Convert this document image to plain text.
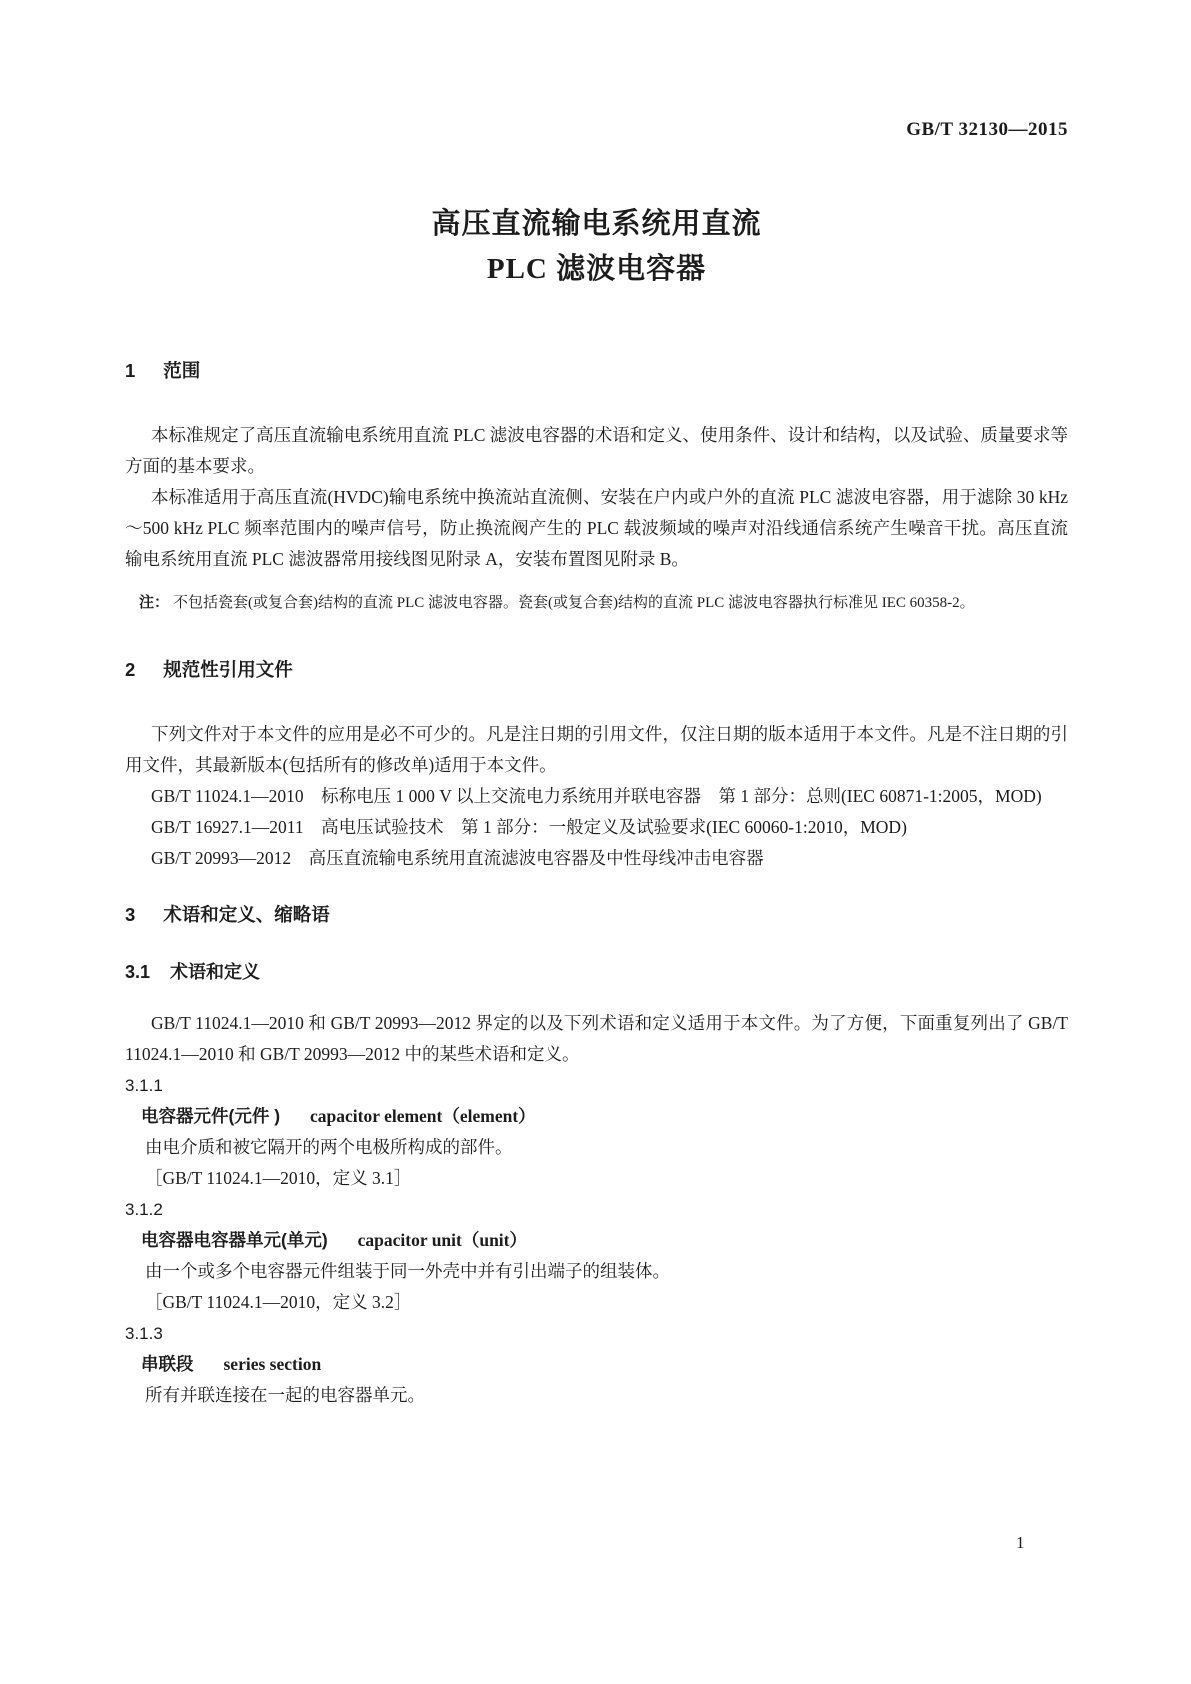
GB/T 32130—2015
高压直流输电系统用直流
PLC 滤波电容器
1 范围

本标准规定了高压直流输电系统用直流 PLC 滤波电容器的术语和定义、使用条件、设计和结构，以及试验、质量要求等方面的基本要求。

本标准适用于高压直流(HVDC)输电系统中换流站直流侧、安装在户内或户外的直流 PLC 滤波电容器，用于滤除 30 kHz～500 kHz PLC 频率范围内的噪声信号，防止换流阀产生的 PLC 载波频域的噪声对沿线通信系统产生噪音干扰。高压直流输电系统用直流 PLC 滤波器常用接线图见附录 A，安装布置图见附录 B。

注： 不包括瓷套(或复合套)结构的直流 PLC 滤波电容器。瓷套(或复合套)结构的直流 PLC 滤波电容器执行标准见 IEC 60358-2。

2 规范性引用文件

下列文件对于本文件的应用是必不可少的。凡是注日期的引用文件，仅注日期的版本适用于本文件。凡是不注日期的引用文件，其最新版本(包括所有的修改单)适用于本文件。

GB/T 11024.1—2010　标称电压 1 000 V 以上交流电力系统用并联电容器　第 1 部分：总则(IEC 60871-1:2005，MOD)

GB/T 16927.1—2011　高电压试验技术　第 1 部分：一般定义及试验要求(IEC 60060-1:2010，MOD)

GB/T 20993—2012　高压直流输电系统用直流滤波电容器及中性母线冲击电容器

3 术语和定义、缩略语
3.1 术语和定义

GB/T 11024.1—2010 和 GB/T 20993—2012 界定的以及下列术语和定义适用于本文件。为了方便，下面重复列出了 GB/T 11024.1—2010 和 GB/T 20993—2012 中的某些术语和定义。

3.1.1

电容器元件(元件 ) capacitor element（element）

由电介质和被它隔开的两个电极所构成的部件。

［GB/T 11024.1—2010，定义 3.1］

3.1.2

电容器电容器单元(单元) capacitor unit（unit）

由一个或多个电容器元件组装于同一外壳中并有引出端子的组装体。

［GB/T 11024.1—2010，定义 3.2］

3.1.3

串联段 series section

所有并联连接在一起的电容器单元。

1
